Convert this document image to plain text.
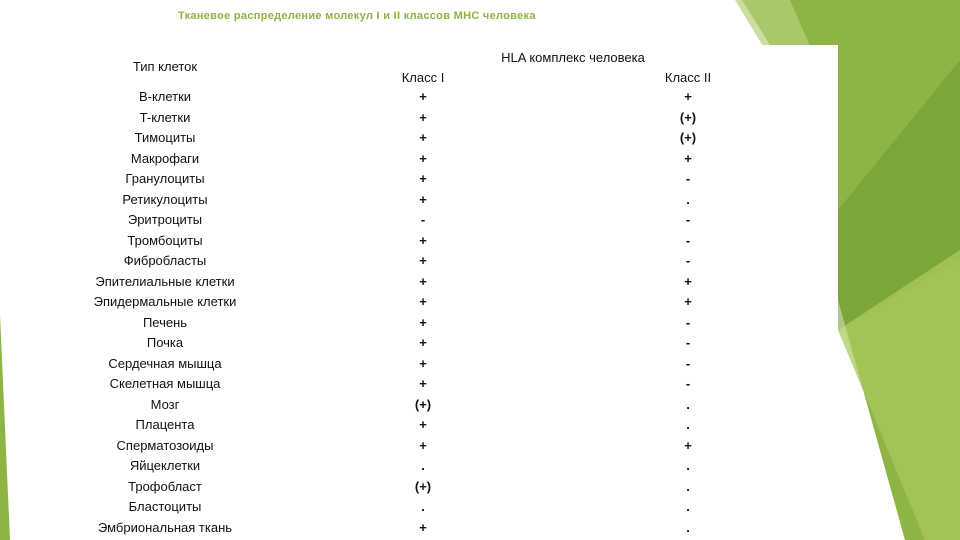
Тканевое распределение молекул I и II классов MHC человека
Тип клеток
HLA комплекс человека
Класс I	Класс II
B-клетки	+	+
T-клетки	+	(+)
Тимоциты	+	(+)
Макрофаги	+	+
Гранулоциты	+	-
Ретикулоциты	+	.
Эритроциты	-	-
Тромбоциты	+	-
Фибробласты	+	-
Эпителиальные клетки	+	+
Эпидермальные клетки	+	+
Печень	+	-
Почка	+	-
Сердечная мышца	+	-
Скелетная мышца	+	-
Мозг	(+)	.
Плацента	+	.
Сперматозоиды	+	+
Яйцеклетки	.	.
Трофобласт	(+)	.
Бластоциты	.	.
Эмбриональная ткань	+	.
